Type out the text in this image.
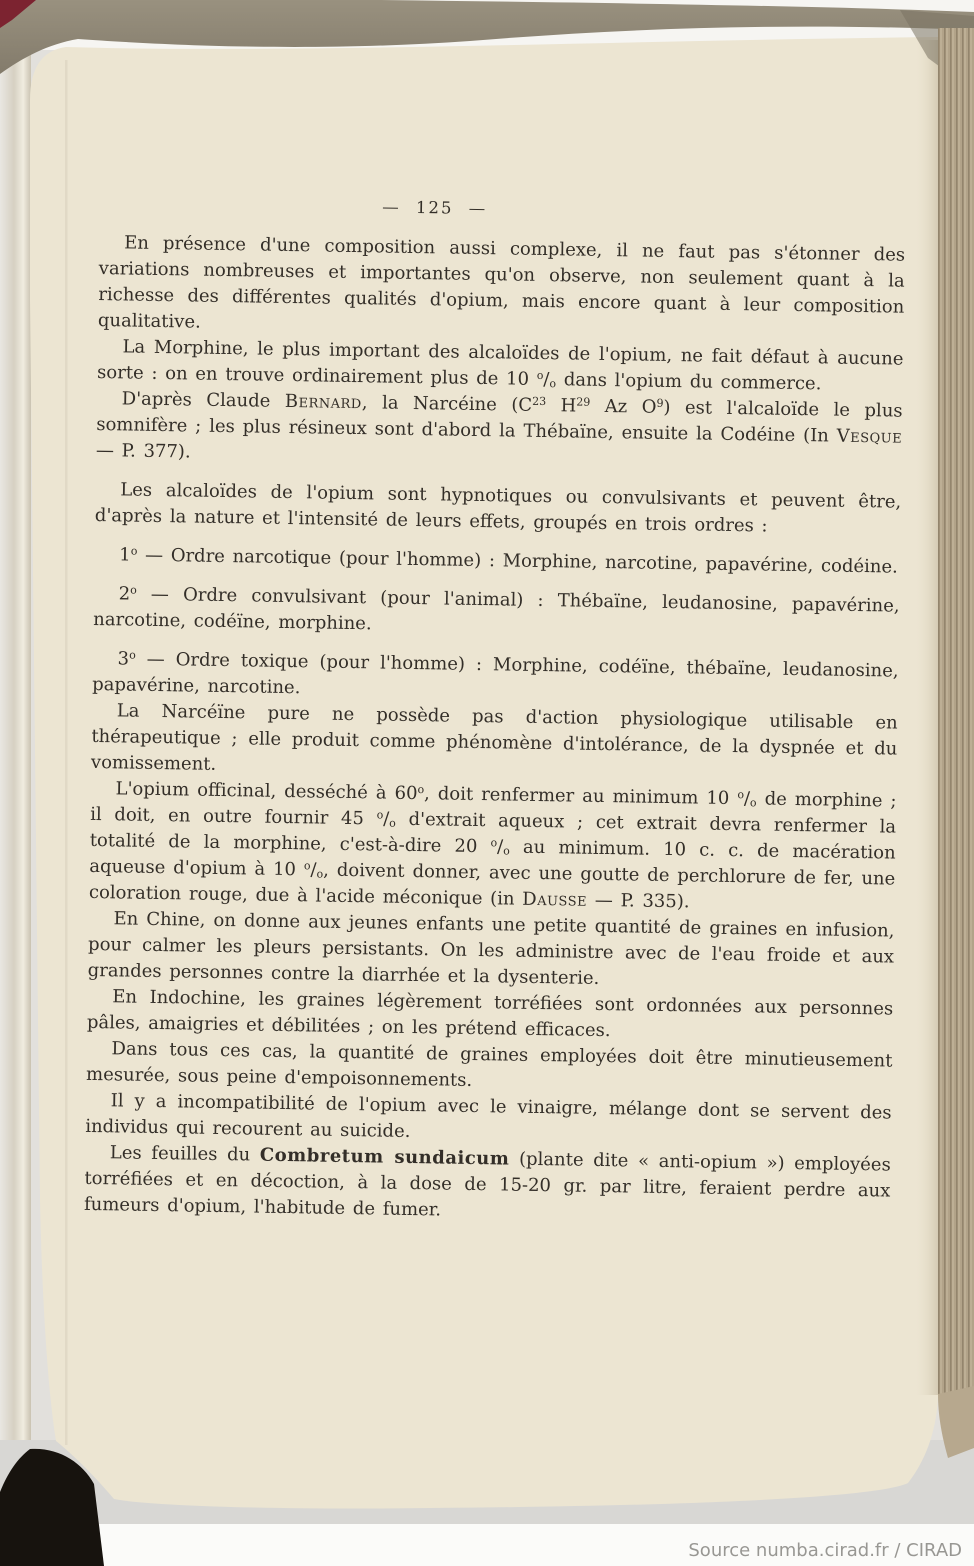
— 125 —

En présence d'une composition aussi complexe, il ne faut pas s'étonner des variations nombreuses et importantes qu'on observe, non seulement quant à la richesse des différentes qualités d'opium, mais encore quant à leur composition qualitative.

La Morphine, le plus important des alcaloïdes de l'opium, ne fait défaut à aucune sorte : on en trouve ordinairement plus de 10 $^o$/o dans l'opium du commerce.

D'après Claude Bernard, la Narcéine ($C^{23}$ $H^{29}$ Az $O^9$) est l'alcaloïde le plus somnifère ; les plus résineux sont d'abord la Thébaïne, ensuite la Codéine (In Vesque — P. 377).

Les alcaloïdes de l'opium sont hypnotiques ou convulsivants et peuvent être, d'après la nature et l'intensité de leurs effets, groupés en trois ordres :

1$^o$ — Ordre narcotique (pour l'homme) : Morphine, narcotine, papavérine, codéine.

2$^o$ — Ordre convulsivant (pour l'animal) : Thébaïne, leudanosine, papavérine, narcotine, codéïne, morphine.

3$^o$ — Ordre toxique (pour l'homme) : Morphine, codéïne, thébaïne, leudanosine, papavérine, narcotine.

La Narcéïne pure ne possède pas d'action physiologique utilisable en thérapeutique ; elle produit comme phénomène d'intolérance, de la dyspnée et du vomissement.

L'opium officinal, desséché à 60$^o$, doit renfermer au minimum 10 $^o$/o de morphine ; il doit, en outre fournir 45 $^o$/o d'extrait aqueux ; cet extrait devra renfermer la totalité de la morphine, c'est-à-dire 20 $^o$/o au minimum. 10 c. c. de macération aqueuse d'opium à 10 $^o$/o, doivent donner, avec une goutte de perchlorure de fer, une coloration rouge, due à l'acide méconique (in Dausse — P. 335).

En Chine, on donne aux jeunes enfants une petite quantité de graines en infusion, pour calmer les pleurs persistants. On les administre avec de l'eau froide et aux grandes personnes contre la diarrhée et la dysenterie.

En Indochine, les graines légèrement torréfiées sont ordonnées aux personnes pâles, amaigries et débilitées ; on les prétend efficaces.

Dans tous ces cas, la quantité de graines employées doit être minutieusement mesurée, sous peine d'empoisonnements.

Il y a incompatibilité de l'opium avec le vinaigre, mélange dont se servent des individus qui recourent au suicide.

Les feuilles du Combretum sundaicum (plante dite « anti-opium ») employées torréfiées et en décoction, à la dose de 15-20 gr. par litre, feraient perdre aux fumeurs d'opium, l'habitude de fumer.

Source numba.cirad.fr / CIRAD
